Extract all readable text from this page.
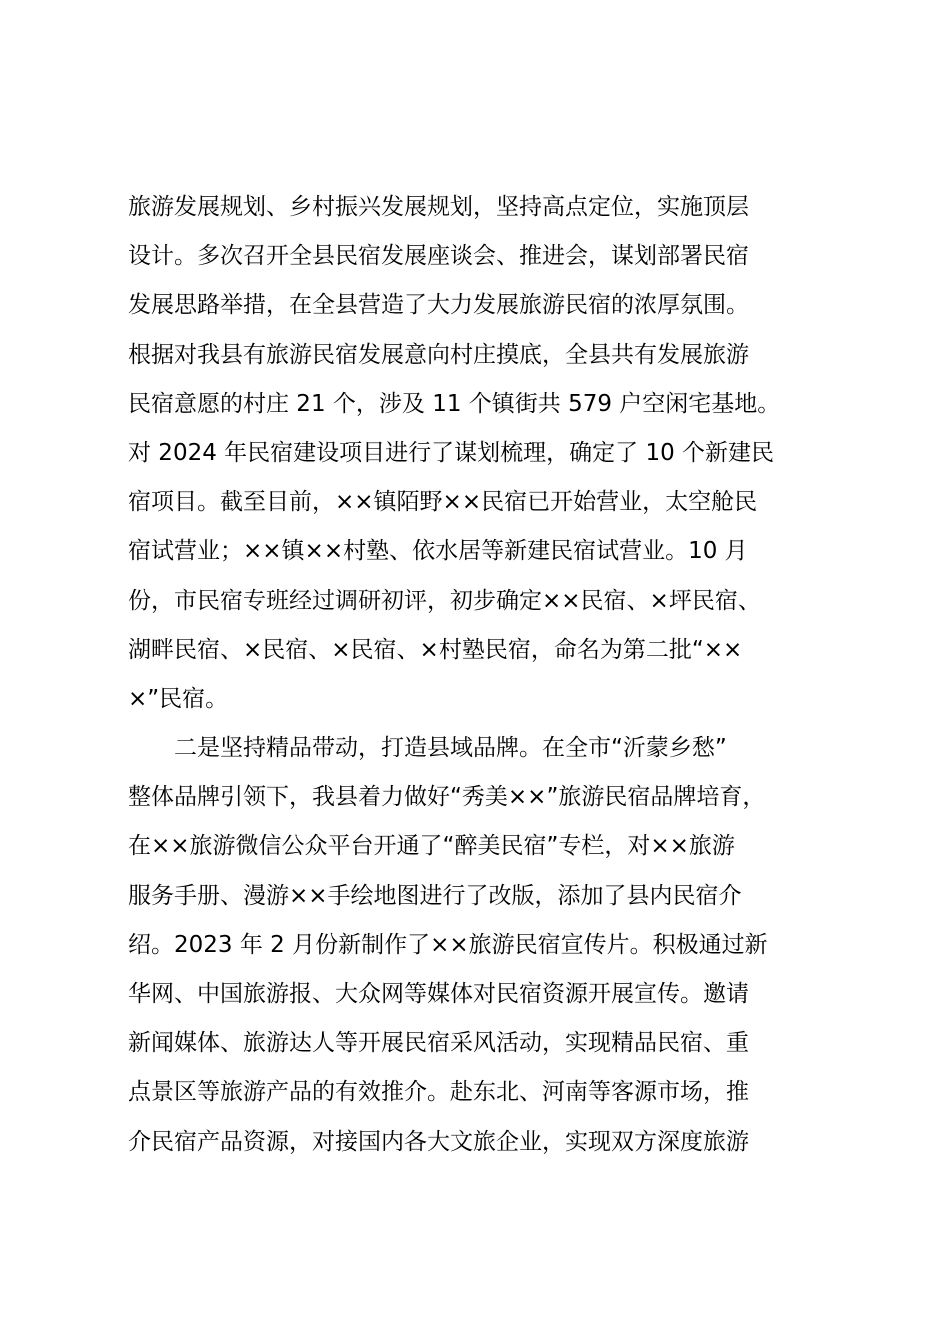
旅游发展规划、乡村振兴发展规划，坚持高点定位，实施顶层
设计。多次召开全县民宿发展座谈会、推进会，谋划部署民宿
发展思路举措，在全县营造了大力发展旅游民宿的浓厚氛围。
根据对我县有旅游民宿发展意向村庄摸底，全县共有发展旅游
民宿意愿的村庄 21 个，涉及 11 个镇街共 579 户空闲宅基地。
对 2024 年民宿建设项目进行了谋划梳理，确定了 10 个新建民
宿项目。截至目前，××镇陌野××民宿已开始营业，太空舱民
宿试营业；××镇××村塾、依水居等新建民宿试营业。10 月
份，市民宿专班经过调研初评，初步确定××民宿、×坪民宿、
湖畔民宿、×民宿、×民宿、×村塾民宿，命名为第二批“××
×”民宿。
　　二是坚持精品带动，打造县域品牌。在全市“沂蒙乡愁”
整体品牌引领下，我县着力做好“秀美××”旅游民宿品牌培育，
在××旅游微信公众平台开通了“醉美民宿”专栏，对××旅游
服务手册、漫游××手绘地图进行了改版，添加了县内民宿介
绍。2023 年 2 月份新制作了××旅游民宿宣传片。积极通过新
华网、中国旅游报、大众网等媒体对民宿资源开展宣传。邀请
新闻媒体、旅游达人等开展民宿采风活动，实现精品民宿、重
点景区等旅游产品的有效推介。赴东北、河南等客源市场，推
介民宿产品资源，对接国内各大文旅企业，实现双方深度旅游
